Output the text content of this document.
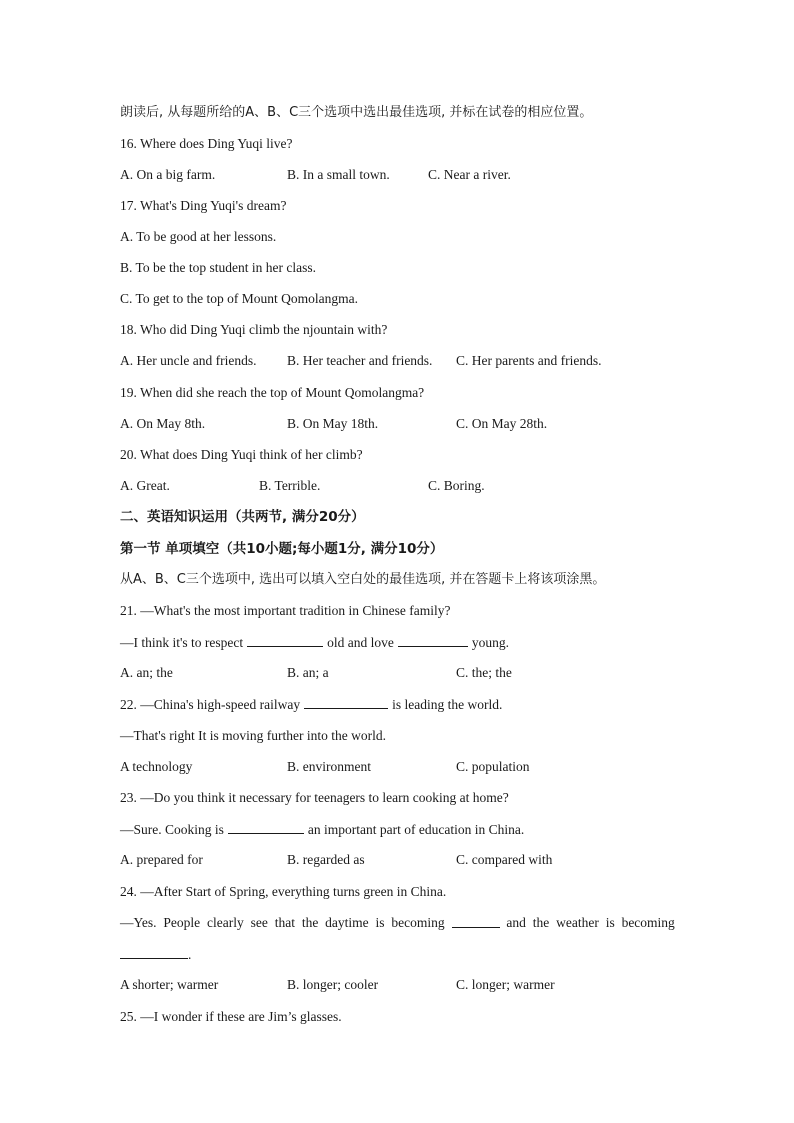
朗读后, 从每题所给的A、B、C三个选项中选出最佳选项, 并标在试卷的相应位置。
16. Where does Ding Yuqi live?
A. On a big farm.	B. In a small town.	C. Near a river.
17. What's Ding Yuqi's dream?
A. To be good at her lessons.
B. To be the top student in her class.
C. To get to the top of Mount Qomolangma.
18. Who did Ding Yuqi climb the njountain with?
A. Her uncle and friends. B. Her teacher and friends. C. Her parents and friends.
19. When did she reach the top of Mount Qomolangma?
A. On May 8th.	B. On May 18th.	C. On May 28th.
20. What does Ding Yuqi think of her climb?
A. Great.	B. Terrible.	C. Boring.
二、英语知识运用（共两节, 满分20分）
第一节 单项填空（共10小题;每小题1分, 满分10分）
从A、B、C三个选项中, 选出可以填入空白处的最佳选项, 并在答题卡上将该项涂黑。
21. —What's the most important tradition in Chinese family?
—I think it's to respect	old and love	young.
A. an; the	B. an; a	C. the; the
22. —China's high-speed railway	is leading the world.
—That's right It is moving further into the world.
A technology	B. environment	C. population
23. —Do you think it necessary for teenagers to learn cooking at home?
—Sure. Cooking is	an important part of education in China.
A. prepared for	B. regarded as	C. compared with
24. —After Start of Spring, everything turns green in China.
—Yes. People clearly see that the daytime is becoming	and the weather is becoming
.
A shorter; warmer	B. longer; cooler	C. longer; warmer
25. —I wonder if these are Jim’s glasses.
